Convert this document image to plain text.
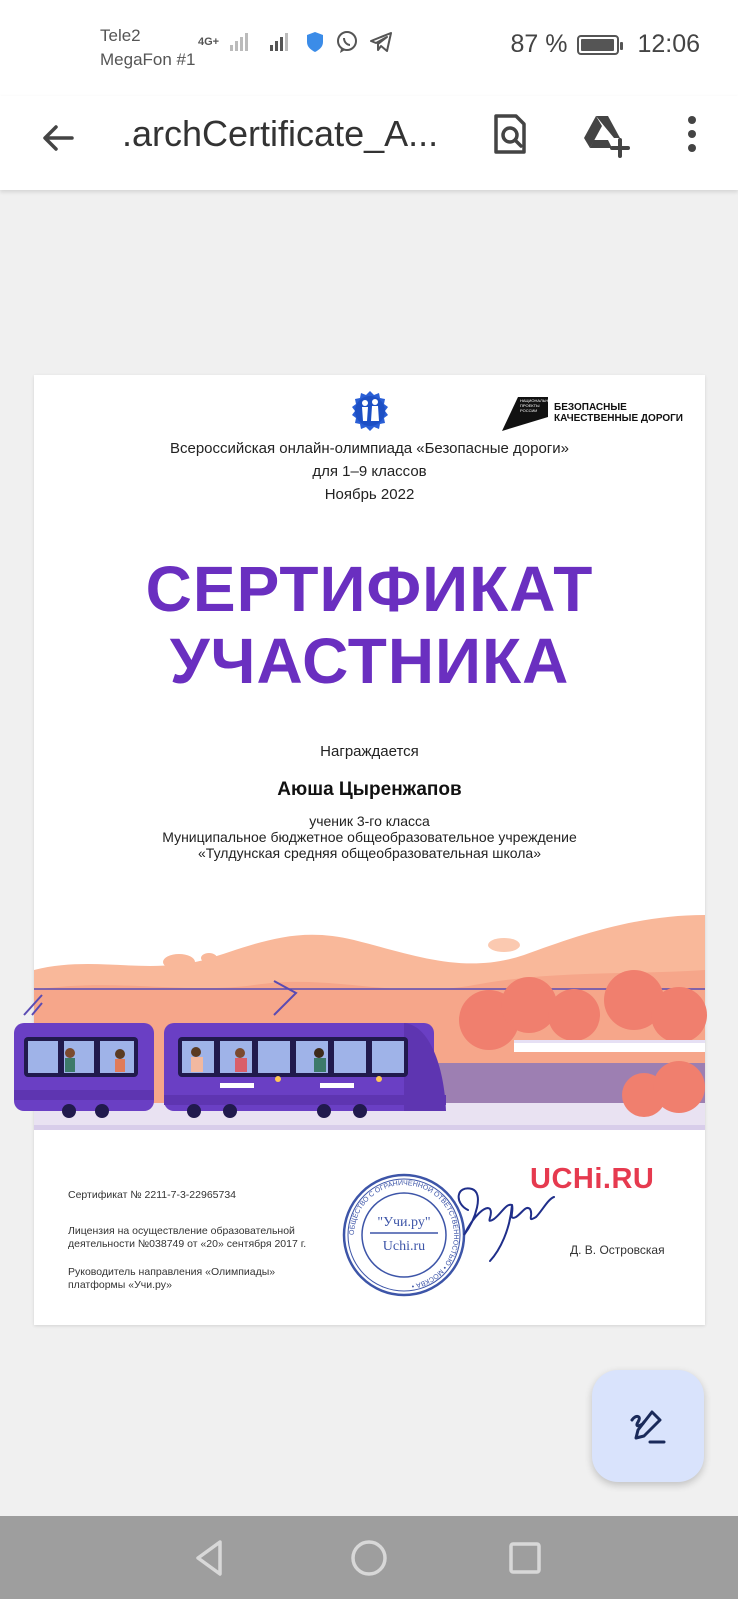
Tele2
MegaFon #1
4G+	87 %	12:06
.archCertificate_A...
НАЦИОНАЛЬНЫЕ
ПРОЕКТЫ
РОССИИ БЕЗОПАСНЫЕ
КАЧЕСТВЕННЫЕ ДОРОГИ
Всероссийская онлайн-олимпиада «Безопасные дороги»
для 1–9 классов
Ноябрь 2022
СЕРТИФИКАТ
УЧАСТНИКА
Награждается
Аюша Цыренжапов
ученик 3-го класса
Муниципальное бюджетное общеобразовательное учреждение
«Тулдунская средняя общеобразовательная школа»
Сертификат № 2211-7-3-22965734
Лицензия на осуществление образовательной
деятельности №038749 от «20» сентября 2017 г.
Руководитель направления «Олимпиады»
платформы «Учи.ру»
ОБЩЕСТВО С ОГРАНИЧЕННОЙ ОТВЕТСТВЕННОСТЬЮ • МОСКВА •
"Учи.ру"
Uchi.ru
UCHi.RU
Д. В. Островская
